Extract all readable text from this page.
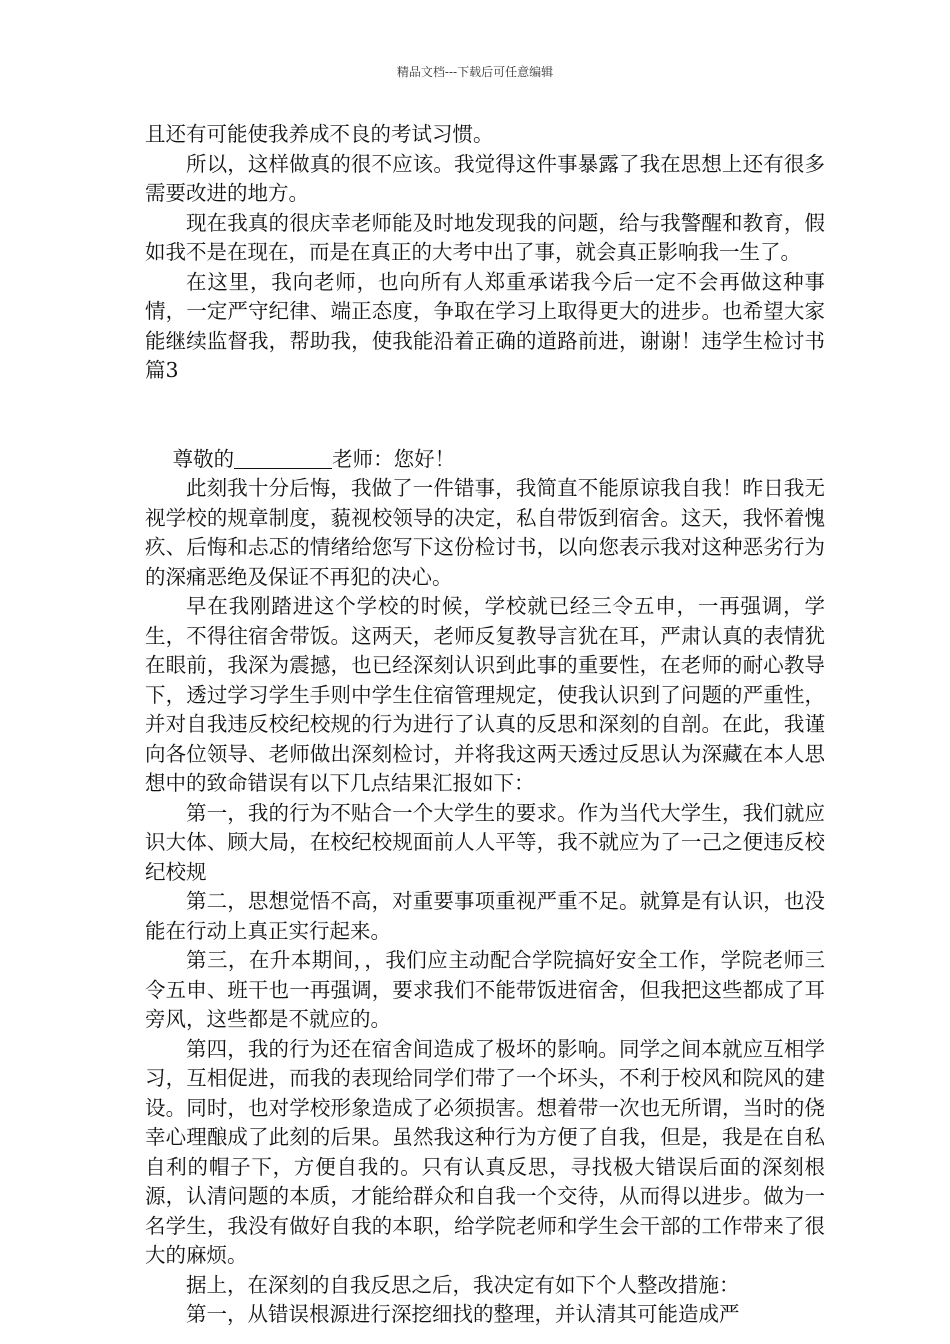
精品文档---下载后可任意编辑

且还有可能使我养成不良的考试习惯。

所以，这样做真的很不应该。我觉得这件事暴露了我在思想上还有很多需要改进的地方。

现在我真的很庆幸老师能及时地发现我的问题，给与我警醒和教育，假如我不是在现在，而是在真正的大考中出了事，就会真正影响我一生了。

在这里，我向老师，也向所有人郑重承诺我今后一定不会再做这种事情，一定严守纪律、端正态度，争取在学习上取得更大的进步。也希望大家能继续监督我，帮助我，使我能沿着正确的道路前进，谢谢！违学生检讨书 篇3

尊敬的	老师：您好！

此刻我十分后悔，我做了一件错事，我简直不能原谅我自我！昨日我无视学校的规章制度，藐视校领导的决定，私自带饭到宿舍。这天，我怀着愧疚、后悔和忐忑的情绪给您写下这份检讨书，以向您表示我对这种恶劣行为的深痛恶绝及保证不再犯的决心。

早在我刚踏进这个学校的时候，学校就已经三令五申，一再强调，学生，不得往宿舍带饭。这两天，老师反复教导言犹在耳，严肃认真的表情犹在眼前，我深为震撼，也已经深刻认识到此事的重要性，在老师的耐心教导下，透过学习学生手则中学生住宿管理规定，使我认识到了问题的严重性，并对自我违反校纪校规的行为进行了认真的反思和深刻的自剖。在此，我谨向各位领导、老师做出深刻检讨，并将我这两天透过反思认为深藏在本人思想中的致命错误有以下几点结果汇报如下：

第一，我的行为不贴合一个大学生的要求。作为当代大学生，我们就应识大体、顾大局，在校纪校规面前人人平等，我不就应为了一己之便违反校纪校规

第二，思想觉悟不高，对重要事项重视严重不足。就算是有认识，也没能在行动上真正实行起来。

第三，在升本期间，，我们应主动配合学院搞好安全工作，学院老师三令五申、班干也一再强调，要求我们不能带饭进宿舍，但我把这些都成了耳旁风，这些都是不就应的。

第四，我的行为还在宿舍间造成了极坏的影响。同学之间本就应互相学习，互相促进，而我的表现给同学们带了一个坏头，不利于校风和院风的建设。同时，也对学校形象造成了必须损害。想着带一次也无所谓，当时的侥幸心理酿成了此刻的后果。虽然我这种行为方便了自我，但是，我是在自私自利的帽子下，方便自我的。只有认真反思，寻找极大错误后面的深刻根源，认清问题的本质，才能给群众和自我一个交待，从而得以进步。做为一名学生，我没有做好自我的本职，给学院老师和学生会干部的工作带来了很大的麻烦。

据上，在深刻的自我反思之后，我决定有如下个人整改措施：

第一，从错误根源进行深挖细找的整理，并认清其可能造成严
